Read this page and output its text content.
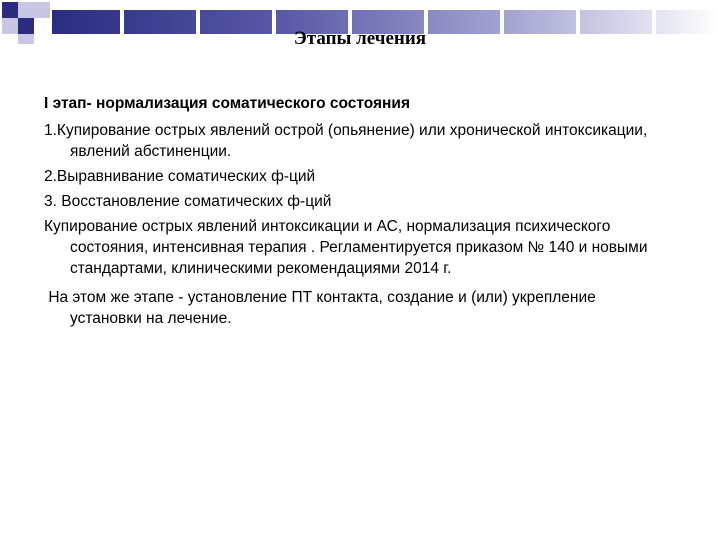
Этапы лечения

I этап- нормализация соматического состояния

1.Купирование острых явлений острой (опьянение) или хронической интоксикации, явлений абстиненции.

2.Выравнивание соматических ф-ций

3. Восстановление соматических ф-ций

Купирование острых явлений интоксикации и АС, нормализация психического состояния, интенсивная терапия . Регламентируется приказом № 140 и новыми стандартами, клиническими рекомендациями 2014 г.

На этом же этапе - установление ПТ контакта, создание и (или) укрепление  установки на лечение.
